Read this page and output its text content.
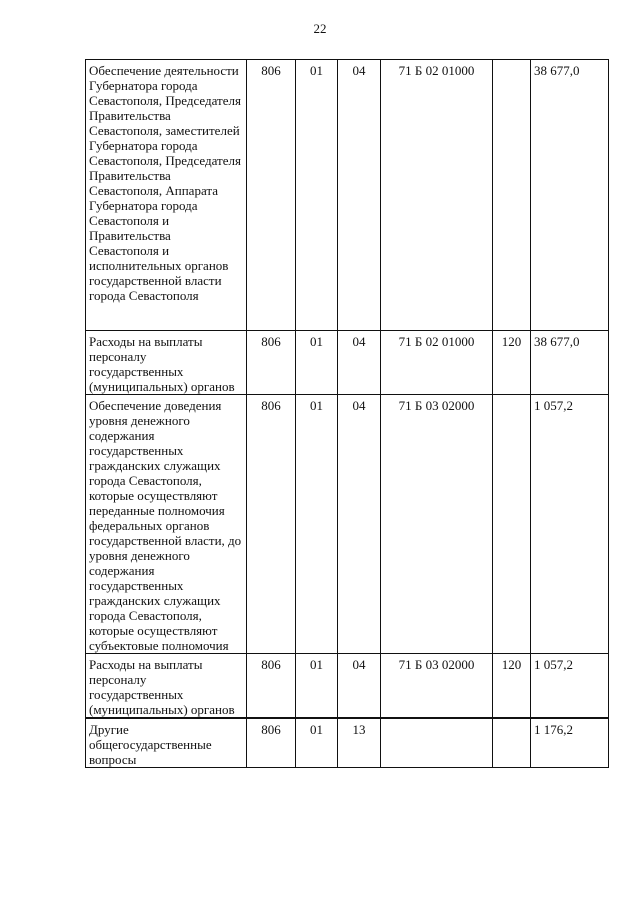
22
Обеспечение деятельности Губернатора города Севастополя, Председателя Правительства Севастополя, заместителей Губернатора города Севастополя, Председателя Правительства Севастополя, Аппарата Губернатора города Севастополя и Правительства Севастополя и исполнительных органов государственной власти города Севастополя	806	01	04	71 Б 02 01000		38 677,0
Расходы на выплаты персоналу государственных (муниципальных) органов	806	01	04	71 Б 02 01000	120	38 677,0
Обеспечение доведения уровня денежного содержания государственных гражданских служащих города Севастополя, которые осуществляют переданные полномочия федеральных органов государственной власти, до уровня денежного содержания государственных гражданских служащих города Севастополя, которые осуществляют субъектовые полномочия	806	01	04	71 Б 03 02000		1 057,2
Расходы на выплаты персоналу государственных (муниципальных) органов	806	01	04	71 Б 03 02000	120	1 057,2
Другие общегосударственные вопросы	806	01	13			1 176,2
